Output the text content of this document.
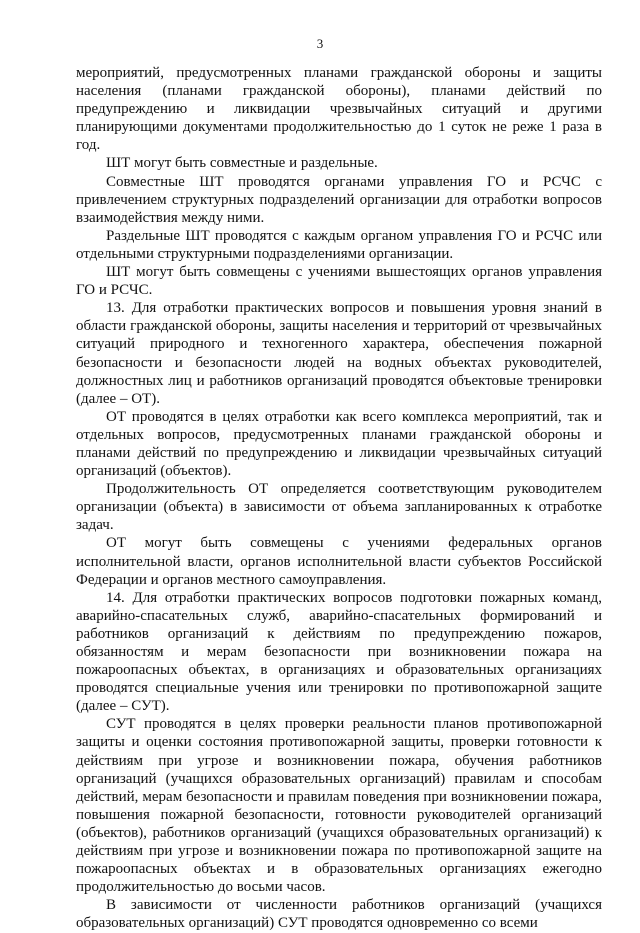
3

мероприятий, предусмотренных планами гражданской обороны и защиты населения (планами гражданской обороны), планами действий по предупреждению и ликвидации чрезвычайных ситуаций и другими планирующими документами продолжительностью до 1 суток не реже 1 раза в год.

ШТ могут быть совместные и раздельные.

Совместные ШТ проводятся органами управления ГО и РСЧС с привлечением структурных подразделений организации для отработки вопросов взаимодействия между ними.

Раздельные ШТ проводятся с каждым органом управления ГО и РСЧС или отдельными структурными подразделениями организации.

ШТ могут быть совмещены с учениями вышестоящих органов управления ГО и РСЧС.

13. Для отработки практических вопросов и повышения уровня знаний в области гражданской обороны, защиты населения и территорий от чрезвычайных ситуаций природного и техногенного характера, обеспечения пожарной безопасности и безопасности людей на водных объектах руководителей, должностных лиц и работников организаций проводятся объектовые тренировки (далее – ОТ).

ОТ проводятся в целях отработки как всего комплекса мероприятий, так и отдельных вопросов, предусмотренных планами гражданской обороны и планами действий по предупреждению и ликвидации чрезвычайных ситуаций организаций (объектов).

Продолжительность ОТ определяется соответствующим руководителем организации (объекта) в зависимости от объема запланированных к отработке задач.

ОТ могут быть совмещены с учениями федеральных органов исполнительной власти, органов исполнительной власти субъектов Российской Федерации и органов местного самоуправления.

14. Для отработки практических вопросов подготовки пожарных команд, аварийно-спасательных служб, аварийно-спасательных формирований и работников организаций к действиям по предупреждению пожаров, обязанностям и мерам безопасности при возникновении пожара на пожароопасных объектах, в организациях и образовательных организациях проводятся специальные учения или тренировки по противопожарной защите (далее – СУТ).

СУТ проводятся в целях проверки реальности планов противопожарной защиты и оценки состояния противопожарной защиты, проверки готовности к действиям при угрозе и возникновении пожара, обучения работников организаций (учащихся образовательных организаций) правилам и способам действий, мерам безопасности и правилам поведения при возникновении пожара, повышения пожарной безопасности, готовности руководителей организаций (объектов), работников организаций (учащихся образовательных организаций) к действиям при угрозе и возникновении пожара по противопожарной защите на пожароопасных объектах и в образовательных организациях ежегодно продолжительностью до восьми часов.

В зависимости от численности работников организаций (учащихся образовательных организаций) СУТ проводятся одновременно со всеми
